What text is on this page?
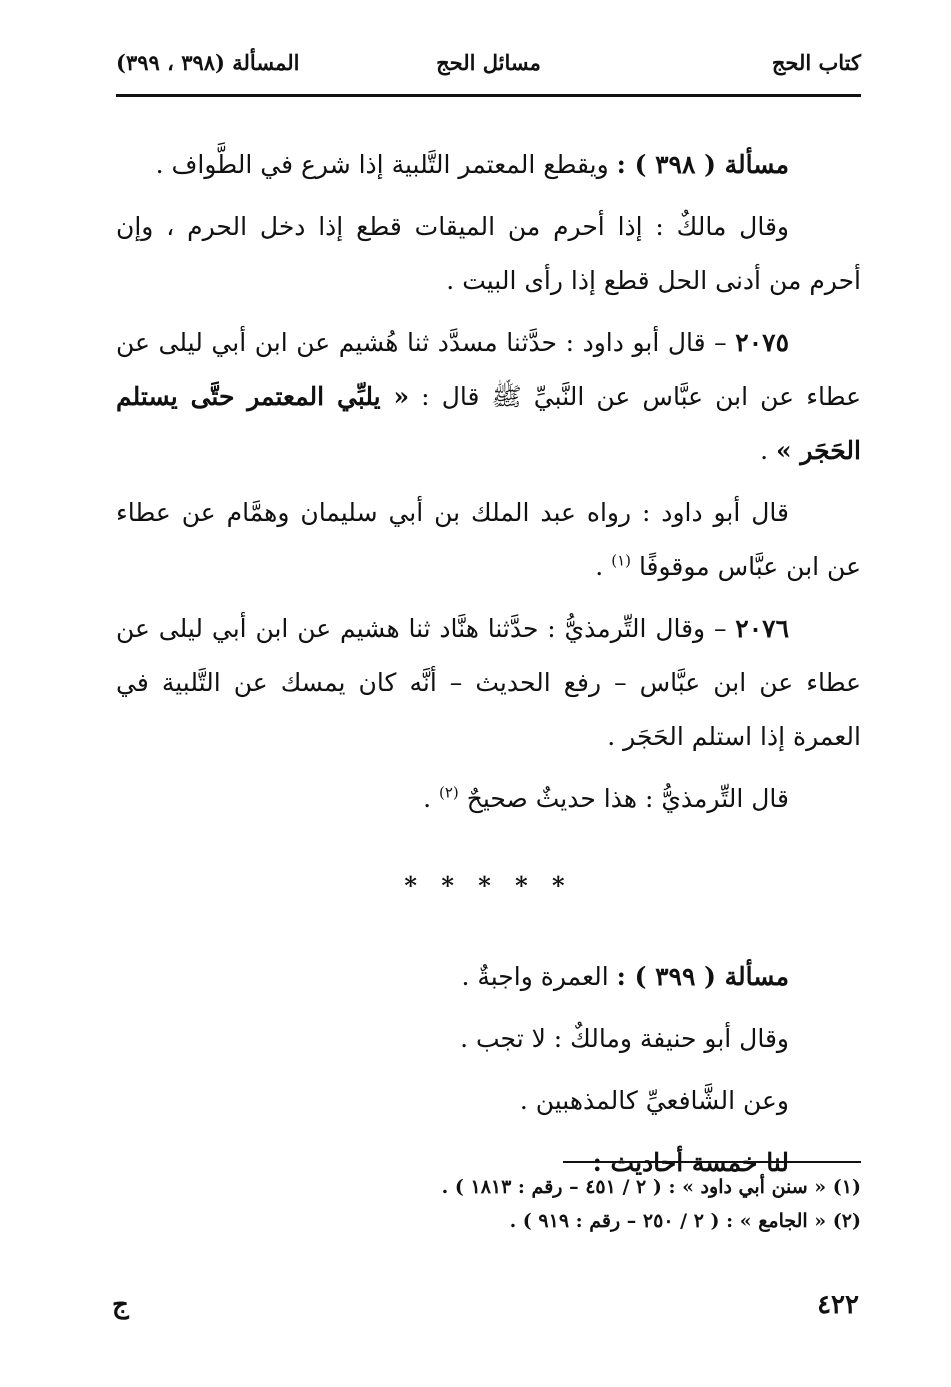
كتاب الحج
مسائل الحج
المسألة (٣٩٨ ، ٣٩٩)

مسألة ( ٣٩٨ ) : ويقطع المعتمر التَّلبية إذا شرع في الطَّواف .

وقال مالكٌ : إذا أحرم من الميقات قطع إذا دخل الحرم ، وإن أحرم من أدنى الحل قطع إذا رأى البيت .

٢٠٧٥ – قال أبو داود : حدَّثنا مسدَّد ثنا هُشيم عن ابن أبي ليلى عن عطاء عن ابن عبَّاس عن النَّبيِّ ﷺ قال : « يلبِّي المعتمر حتَّى يستلم الحَجَر » .

قال أبو داود : رواه عبد الملك بن أبي سليمان وهمَّام عن عطاء عن ابن عبَّاس موقوفًا $^{(١)}$ .

٢٠٧٦ – وقال التِّرمذيُّ : حدَّثنا هنَّاد ثنا هشيم عن ابن أبي ليلى عن عطاء عن ابن عبَّاس – رفع الحديث – أنَّه كان يمسك عن التَّلبية في العمرة إذا استلم الحَجَر .

قال التِّرمذيُّ : هذا حديثٌ صحيحٌ $^{(٢)}$ .

* * * * *

مسألة ( ٣٩٩ ) : العمرة واجبةٌ .

وقال أبو حنيفة ومالكٌ : لا تجب .

وعن الشَّافعيِّ كالمذهبين .

لنا خمسة أحاديث :

(١) « سنن أبي داود » : ( ٢ / ٤٥١ – رقم : ١٨١٣ ) .

(٢) « الجامع » : ( ٢ / ٢٥٠ – رقم : ٩١٩ ) .

٤٢٢
ج
